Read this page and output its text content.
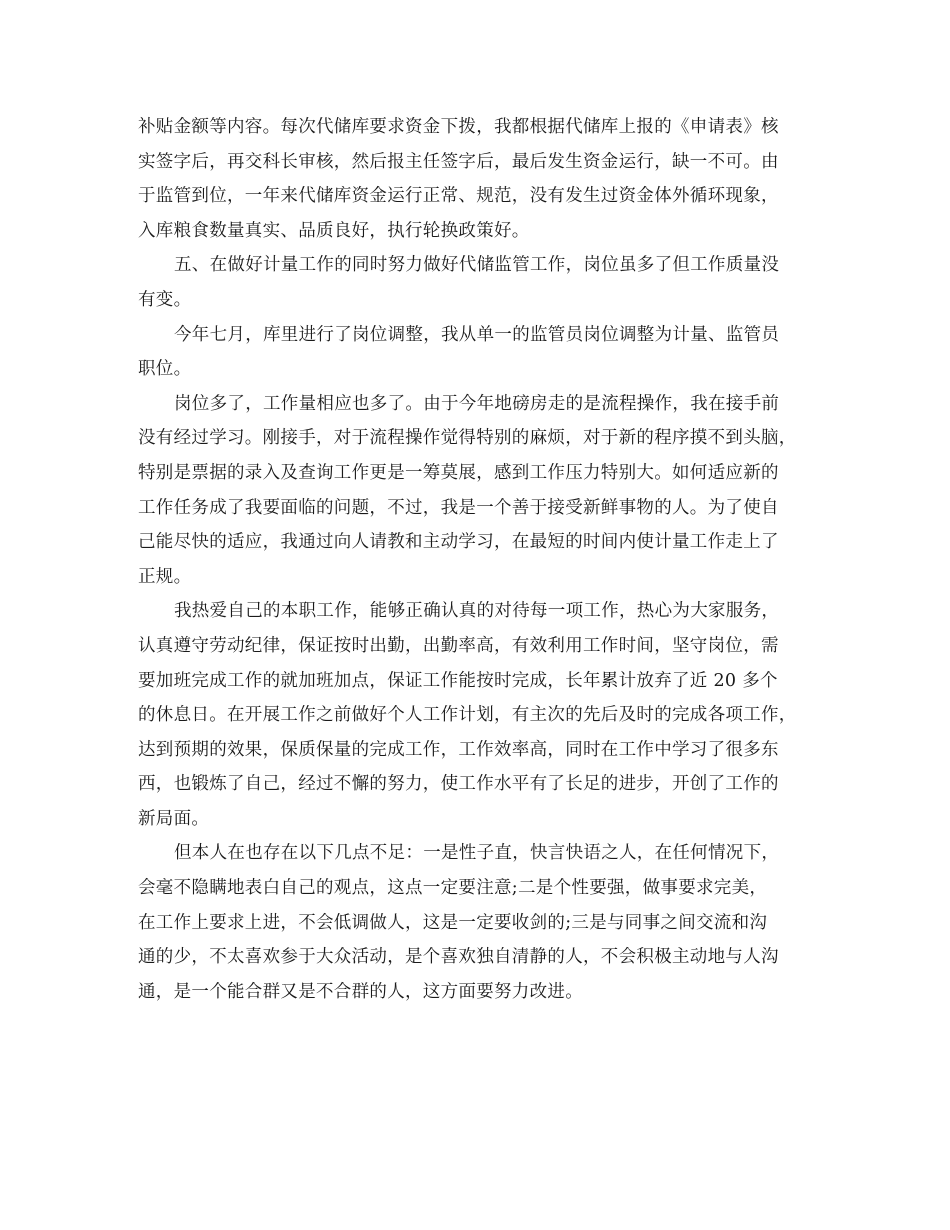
补贴金额等内容。每次代储库要求资金下拨，我都根据代储库上报的《申请表》核
实签字后，再交科长审核，然后报主任签字后，最后发生资金运行，缺一不可。由
于监管到位，一年来代储库资金运行正常、规范，没有发生过资金体外循环现象，
入库粮食数量真实、品质良好，执行轮换政策好。
五、在做好计量工作的同时努力做好代储监管工作，岗位虽多了但工作质量没
有变。
今年七月，库里进行了岗位调整，我从单一的监管员岗位调整为计量、监管员
职位。
岗位多了，工作量相应也多了。由于今年地磅房走的是流程操作，我在接手前
没有经过学习。刚接手，对于流程操作觉得特别的麻烦，对于新的程序摸不到头脑，
特别是票据的录入及查询工作更是一筹莫展，感到工作压力特别大。如何适应新的
工作任务成了我要面临的问题，不过，我是一个善于接受新鲜事物的人。为了使自
己能尽快的适应，我通过向人请教和主动学习，在最短的时间内使计量工作走上了
正规。
我热爱自己的本职工作，能够正确认真的对待每一项工作，热心为大家服务，
认真遵守劳动纪律，保证按时出勤，出勤率高，有效利用工作时间，坚守岗位，需
要加班完成工作的就加班加点，保证工作能按时完成，长年累计放弃了近 20 多个
的休息日。在开展工作之前做好个人工作计划，有主次的先后及时的完成各项工作，
达到预期的效果，保质保量的完成工作，工作效率高，同时在工作中学习了很多东
西，也锻炼了自己，经过不懈的努力，使工作水平有了长足的进步，开创了工作的
新局面。
但本人在也存在以下几点不足：一是性子直，快言快语之人，在任何情况下，
会毫不隐瞒地表白自己的观点，这点一定要注意;二是个性要强，做事要求完美，
在工作上要求上进，不会低调做人，这是一定要收剑的;三是与同事之间交流和沟
通的少，不太喜欢参于大众活动，是个喜欢独自清静的人，不会积极主动地与人沟
通，是一个能合群又是不合群的人，这方面要努力改进。
